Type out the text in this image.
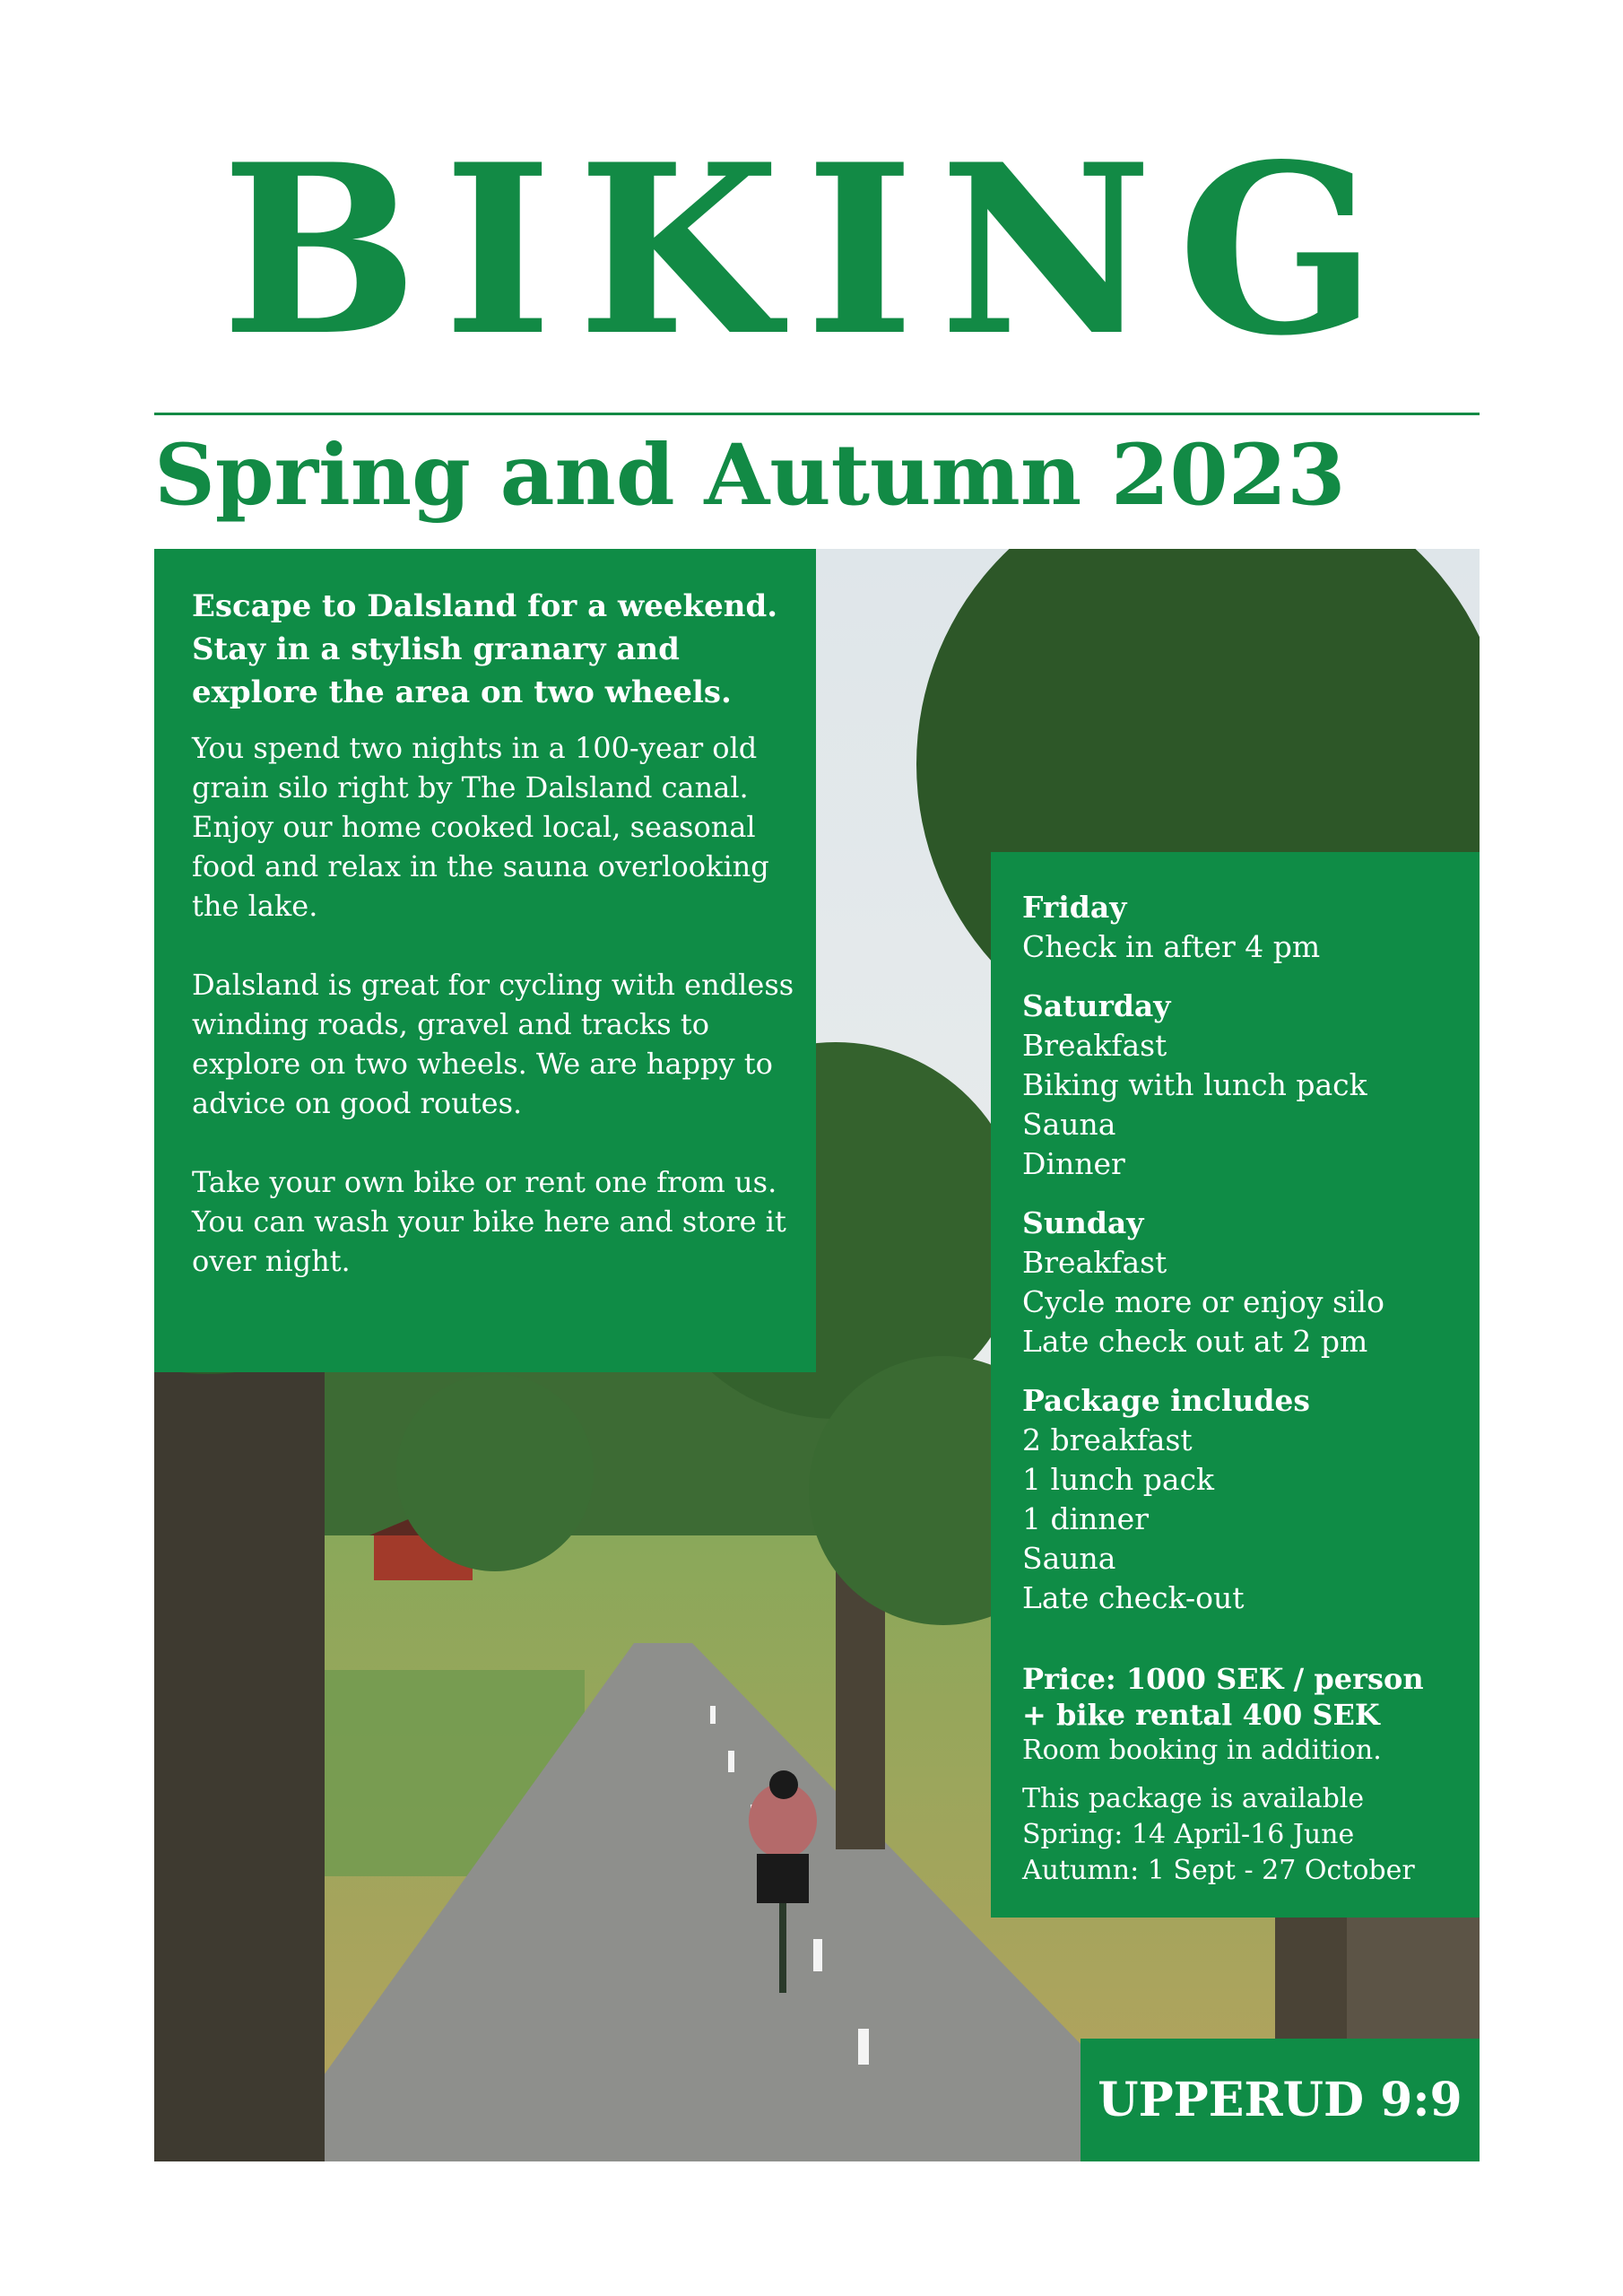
BIKING
Spring and Autumn 2023

Escape to Dalsland for a weekend. Stay in a stylish granary and explore the area on two wheels.

You spend two nights in a 100-year old grain silo right by The Dalsland canal. Enjoy our home cooked local, seasonal food and relax in the sauna overlooking the lake.

Dalsland is great for cycling with endless winding roads, gravel and tracks to explore on two wheels. We are happy to advice on good routes.

Take your own bike or rent one from us. You can wash your bike here and store it over night.

Friday
Check in after 4 pm
Saturday
Breakfast
Biking with lunch pack
Sauna
Dinner
Sunday
Breakfast
Cycle more or enjoy silo
Late check out at 2 pm
Package includes
2 breakfast
1 lunch pack
1 dinner
Sauna
Late check-out
Price: 1000 SEK / person
+ bike rental 400 SEK
Room booking in addition.
This package is available
Spring: 14 April-16 June
Autumn: 1 Sept - 27 October
UPPERUD 9:9
